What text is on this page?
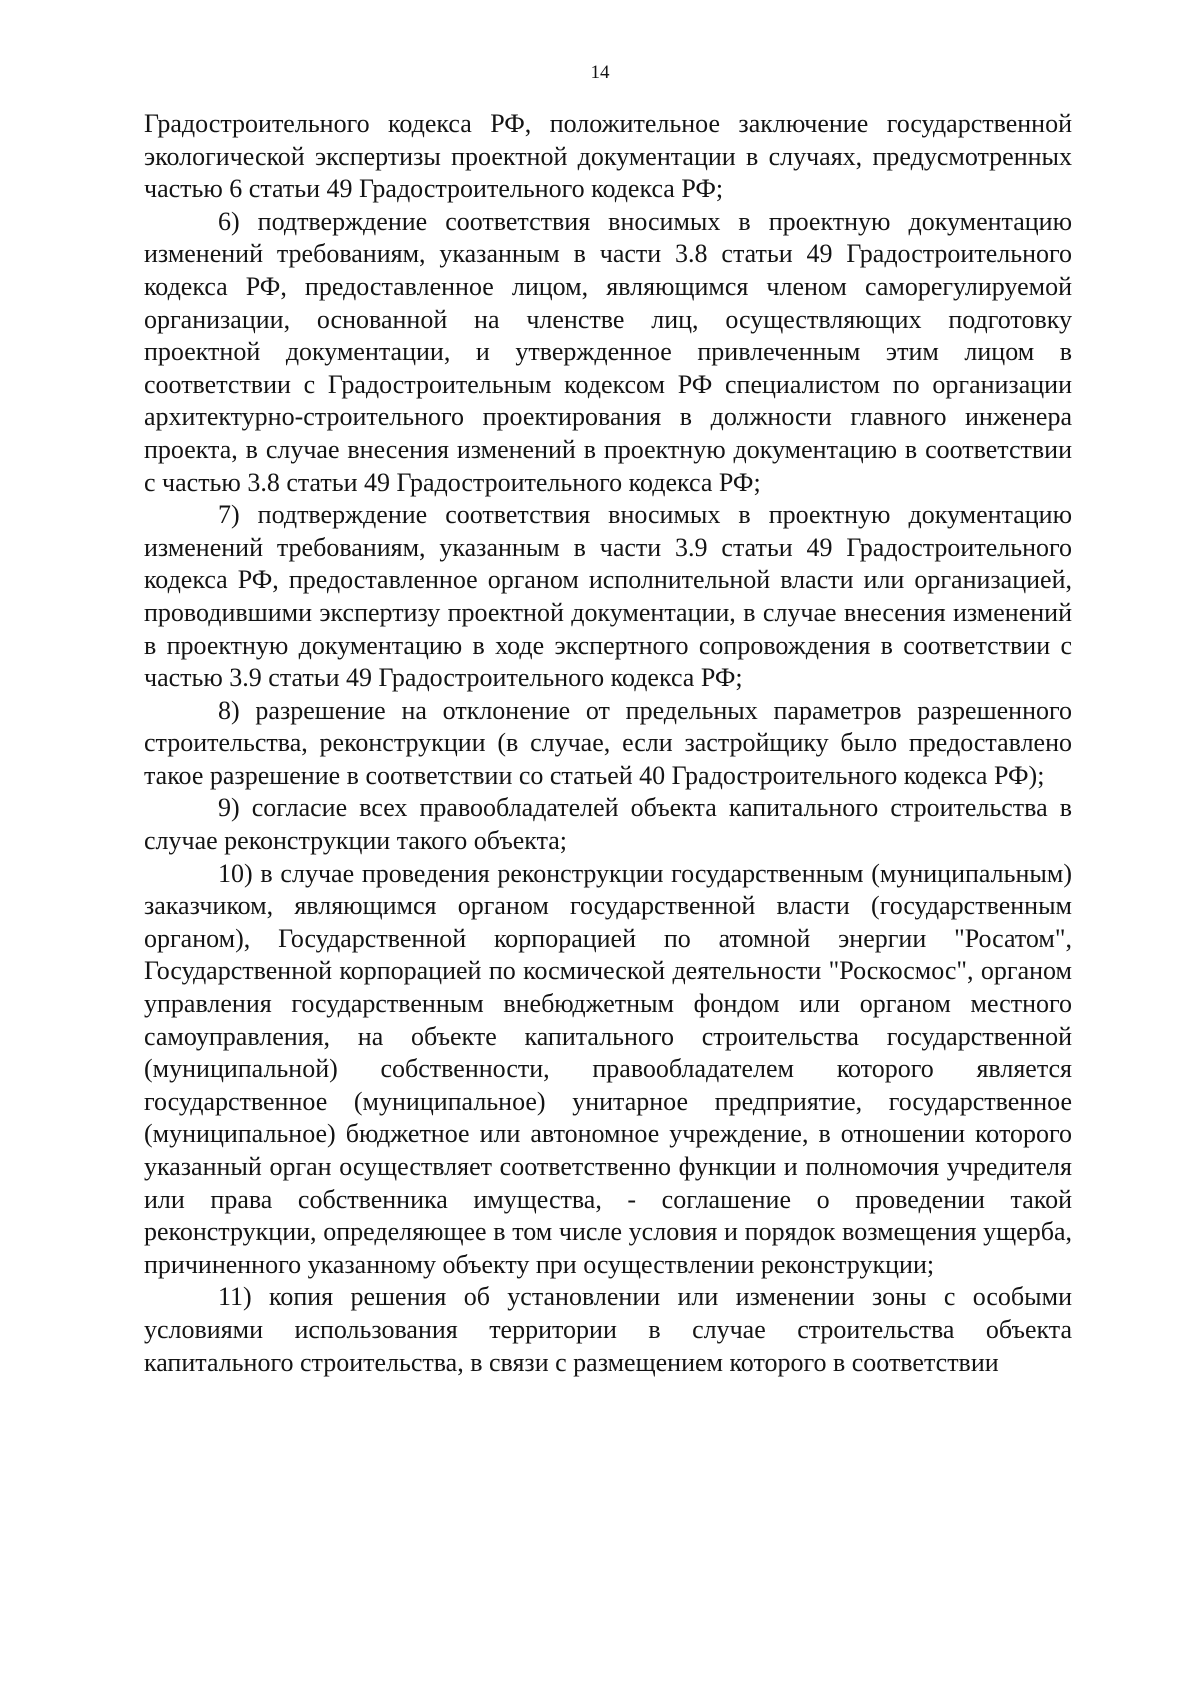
14

Градостроительного кодекса РФ, положительное заключение государственной экологической экспертизы проектной документации в случаях, предусмотренных частью 6 статьи 49 Градостроительного кодекса РФ;

6) подтверждение соответствия вносимых в проектную документацию изменений требованиям, указанным в части 3.8 статьи 49 Градостроительного кодекса РФ, предоставленное лицом, являющимся членом саморегулируемой организации, основанной на членстве лиц, осуществляющих подготовку проектной документации, и утвержденное привлеченным этим лицом в соответствии с Градостроительным кодексом РФ специалистом по организации архитектурно-строительного проектирования в должности главного инженера проекта, в случае внесения изменений в проектную документацию в соответствии с частью 3.8 статьи 49 Градостроительного кодекса РФ;

7) подтверждение соответствия вносимых в проектную документацию изменений требованиям, указанным в части 3.9 статьи 49 Градостроительного кодекса РФ, предоставленное органом исполнительной власти или организацией, проводившими экспертизу проектной документации, в случае внесения изменений в проектную документацию в ходе экспертного сопровождения в соответствии с частью 3.9 статьи 49 Градостроительного кодекса РФ;

8) разрешение на отклонение от предельных параметров разрешенного строительства, реконструкции (в случае, если застройщику было предоставлено такое разрешение в соответствии со статьей 40 Градостроительного кодекса РФ);

9) согласие всех правообладателей объекта капитального строительства в случае реконструкции такого объекта;

10) в случае проведения реконструкции государственным (муниципальным) заказчиком, являющимся органом государственной власти (государственным органом), Государственной корпорацией по атомной энергии "Росатом", Государственной корпорацией по космической деятельности "Роскосмос", органом управления государственным внебюджетным фондом или органом местного самоуправления, на объекте капитального строительства государственной (муниципальной) собственности, правообладателем которого является государственное (муниципальное) унитарное предприятие, государственное (муниципальное) бюджетное или автономное учреждение, в отношении которого указанный орган осуществляет соответственно функции и полномочия учредителя или права собственника имущества, - соглашение о проведении такой реконструкции, определяющее в том числе условия и порядок возмещения ущерба, причиненного указанному объекту при осуществлении реконструкции;

11) копия решения об установлении или изменении зоны с особыми условиями использования территории в случае строительства объекта капитального строительства, в связи с размещением которого в соответствии
